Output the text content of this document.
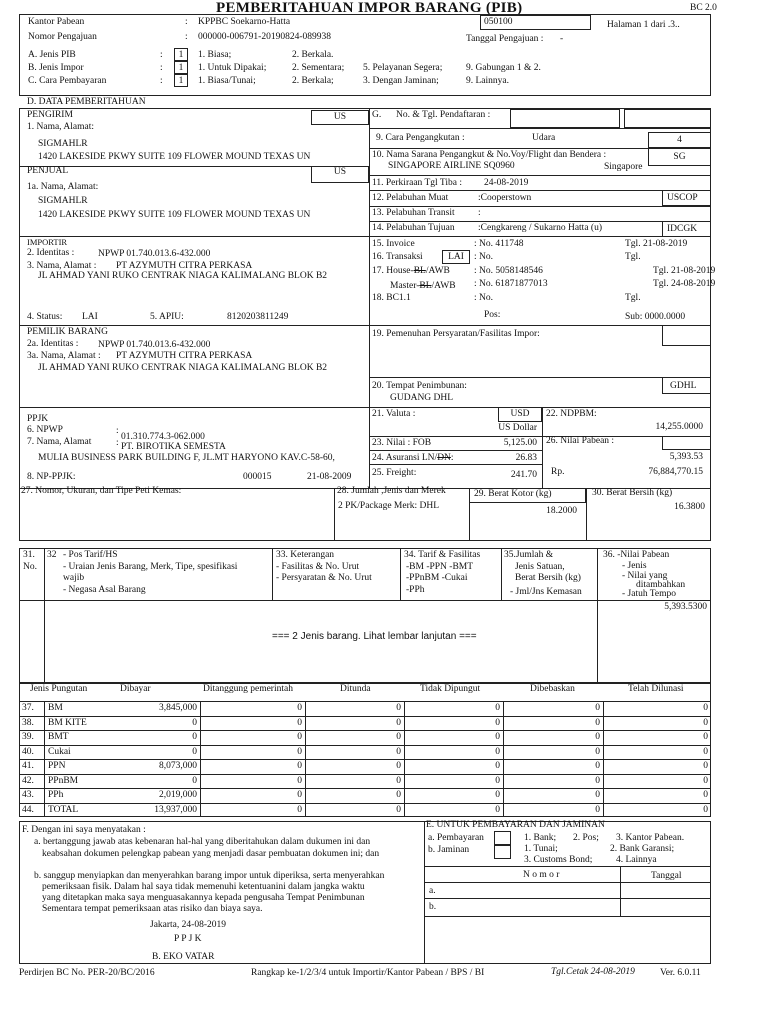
PEMBERITAHUAN IMPOR BARANG (PIB)	BC 2.0
Kantor Pabean	: KPPBC Soekarno-Hatta	050100	Halaman 1 dari .3..
Nomor Pengajuan	: 000000-006791-20190824-089938	Tanggal Pengajuan : -
A. Jenis PIB	:	1	1. Biasa;	2. Berkala.
B. Jenis Impor	:	1	1. Untuk Dipakai;	2. Sementara; 5. Pelayanan Segera; 9. Gabungan 1 & 2.
C. Cara Pembayaran	:	1	1. Biasa/Tunai;	2. Berkala;	3. Dengan Jaminan;	9. Lainnya.
D. DATA PEMBERITAHUAN
PENGIRIM	US
1. Nama, Alamat:
SIGMAHLR
1420 LAKESIDE PKWY SUITE 109 FLOWER MOUND TEXAS UN
PENJUAL	US
1a. Nama, Alamat:
SIGMAHLR
1420 LAKESIDE PKWY SUITE 109 FLOWER MOUND TEXAS UN
IMPORTIR
2. Identitas :	NPWP 01.740.013.6-432.000
3. Nama, Alamat : PT AZYMUTH CITRA PERKASA
JL AHMAD YANI RUKO CENTRAK NIAGA KALIMALANG BLOK B2
4. Status: LAI	5. APIU:	8120203811249
PEMILIK BARANG
2a. Identitas : NPWP 01.740.013.6-432.000
3a. Nama, Alamat : PT AZYMUTH CITRA PERKASA
JL AHMAD YANI RUKO CENTRAK NIAGA KALIMALANG BLOK B2
PPJK
6. NPWP	:
01.310.774.3-062.000
7. Nama, Alamat	: PT. BIROTIKA SEMESTA
MULIA BUSINESS PARK BUILDING F, JL.MT HARYONO KAV.C-58-60,
8. NP-PPJK:	000015	21-08-2009
G. No. & Tgl. Pendaftaran :
9. Cara Pengangkutan :	Udara	4
10. Nama Sarana Pengangkut & No.Voy/Flight dan Bendera :	SG
SINGAPORE AIRLINE SQ0960	Singapore
11. Perkiraan Tgl Tiba : 24-08-2019
12. Pelabuhan Muat	:Cooperstown	USCOP
13. Pelabuhan Transit :
14. Pelabuhan Tujuan :Cengkareng / Sukarno Hatta (u)	IDCGK
15. Invoice	: No. 411748	Tgl. 21-08-2019
16. Transaksi	LAI	: No.	Tgl.
17. House-BL/AWB	: No. 5058148546	Tgl. 21-08-2019
Master-BL/AWB : No. 61871877013	Tgl. 24-08-2019
18. BC1.1	: No.	Tgl.
Pos:	Sub: 0000.0000
19. Pemenuhan Persyaratan/Fasilitas Impor:
20. Tempat Penimbunan:	GDHL
GUDANG DHL
21. Valuta :	USD
US Dollar
22. NDPBM:
14,255.0000
23. Nilai : FOB	5,125.00 26. Nilai Pabean :
5,393.53
24. Asuransi LN/DN:	26.83
Rp.	76,884,770.15
25. Freight:	241.70
27. Nomor, Ukuran, dan Tipe Peti Kemas:	28. Jumlah ,Jenis dan Merek
2 PK/Package Merk: DHL
29. Berat Kotor (kg)
18.2000
30. Berat Bersih (kg)
16.3800
31.
No.
32 - Pos Tarif/HS
- Uraian Jenis Barang, Merk, Tipe, spesifikasi
wajib
- Negasa Asal Barang
33. Keterangan
- Fasilitas & No. Urut
- Persyaratan & No. Urut
34. Tarif & Fasilitas
-BM -PPN -BMT
-PPnBM -Cukai
-PPh
35.Jumlah &
Jenis Satuan,
Berat Bersih (kg)
- Jml/Jns Kemasan
36. -Nilai Pabean
- Jenis
- Nilai yang
ditambahkan
- Jatuh Tempo
5,393.5300
=== 2 Jenis barang. Lihat lembar lanjutan ===
Jenis Pungutan	Dibayar	Ditanggung pemerintah	Ditunda	Tidak Dipungut	Dibebaskan	Telah Dilunasi
37. BM	3,845,000	0	0	0	0	0
38. BM KITE	0	0	0	0	0	0
39. BMT	0	0	0	0	0	0
40. Cukai	0	0	0	0	0	0
41. PPN	8,073,000	0	0	0	0	0
42. PPnBM	0	0	0	0	0	0
43. PPh	2,019,000	0	0	0	0	0
44. TOTAL	13,937,000	0	0	0	0	0
F. Dengan ini saya menyatakan :
a. bertanggung jawab atas kebenaran hal-hal yang diberitahukan dalam dukumen ini dan
keabsahan dokumen pelengkap pabean yang menjadi dasar pembuatan dokumen ini; dan
b. sanggup menyiapkan dan menyerahkan barang impor untuk diperiksa, serta menyerahkan
pemeriksaan fisik. Dalam hal saya tidak memenuhi ketentuanini dalam jangka waktu
yang ditetapkan maka saya menguasakannya kepada pengusaha Tempat Penimbunan
Sementara tempat pemeriksaan atas risiko dan biaya saya.
Jakarta, 24-08-2019
P P J K
B. EKO VATAR
E. UNTUK PEMBAYARAN DAN JAMINAN
a. Pembayaran
b. Jaminan
1. Bank; 2. Pos; 3. Kantor Pabean.
1. Tunai;	2. Bank Garansi;
3. Customs Bond; 4. Lainnya
N o m o r	Tanggal
a.
b.
Perdirjen BC No. PER-20/BC/2016	Rangkap ke-1/2/3/4 untuk Importir/Kantor Pabean / BPS / BI	Tgl.Cetak 24-08-2019	Ver. 6.0.11
